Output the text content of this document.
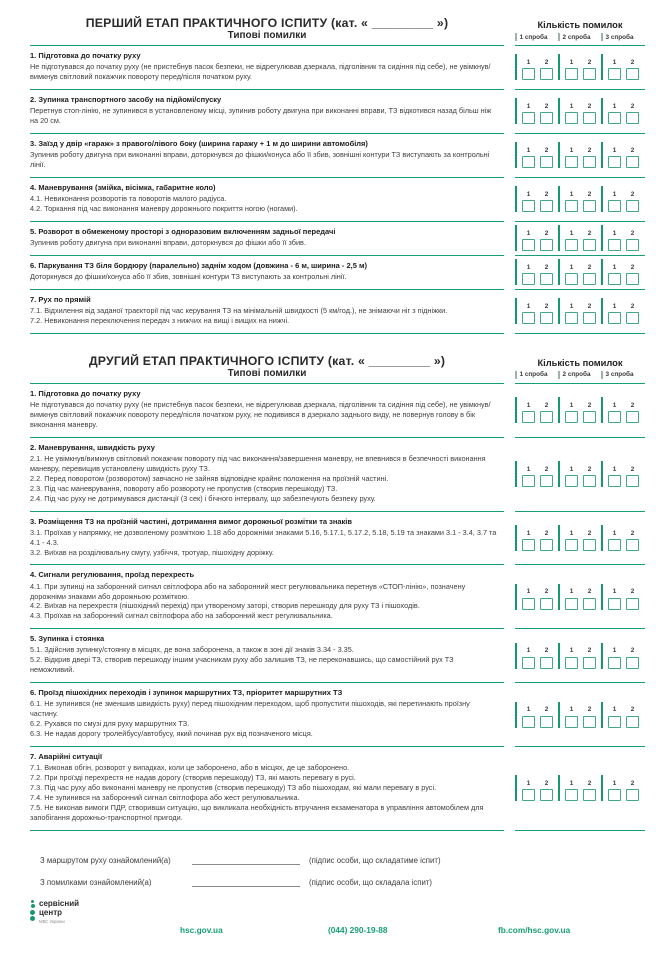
ПЕРШИЙ ЕТАП ПРАКТИЧНОГО ІСПИТУ (кат. « _________ »)
Типові помилки
Кількість помилок
1 спроба 2 спроба 3 спроба
1. Підготовка до початку руху
Не підготувався до початку руху (не пристебнув пасок безпеки, не відрегулював дзеркала, підголівник та сидіння під себе), не увімкнув/вимкнув світловий покажчик повороту перед/після початком руху.
1	2	1	2	1	2
2. Зупинка транспортного засобу на підйомі/спуску
Перетнув стоп-лінію, не зупинився в установленому місці, зупинив роботу двигуна при виконанні вправи, ТЗ відкотився назад більш ніж на 20 см.
1	2	1	2	1	2
3. Заїзд у двір «гараж» з правого/лівого боку (ширина гаражу + 1 м до ширини автомобіля)
Зупинив роботу двигуна при виконанні вправи, доторкнувся до фішки/конуса або її збив, зовнішні контури ТЗ виступають за контрольні лінії.
1	2	1	2	1	2
4. Маневрування (змійка, вісімка, габаритне коло)
4.1. Невиконання розворотів та поворотів малого радіуса.
4.2. Торкання під час виконання маневру дорожнього покриття ногою (ногами).
1	2	1	2	1	2
5. Розворот в обмеженому просторі з одноразовим включенням задньої передачі
Зупинив роботу двигуна при виконанні вправи, доторкнувся до фішки або її збив.
1	2	1	2	1	2
6. Паркування ТЗ біля бордюру (паралельно) заднім ходом (довжина - 6 м, ширина - 2,5 м)
Доторкнувся до фішки/конуса або її збив, зовнішні контури ТЗ виступають за контрольні лінії.
1	2	1	2	1	2
7. Рух по прямій
7.1. Відхилення від заданої траєкторії під час керування ТЗ на мінімальній швидкості (5 км/год.), не знімаючи ніг з підніжки.
7.2. Невиконання переключення передач з нижчих на вищі і вищих на нижчі.
1	2	1	2	1	2
ДРУГИЙ ЕТАП ПРАКТИЧНОГО ІСПИТУ (кат. « _________ »)
Типові помилки
Кількість помилок
1 спроба 2 спроба 3 спроба
1. Підготовка до початку руху
Не підготувався до початку руху (не пристебнув пасок безпеки, не відрегулював дзеркала, підголівник та сидіння під себе), не увімкнув/вимкнув світловий покажчик повороту перед/після початком руху, не подивився в дзеркало заднього виду, не повернув голову в бік виконання маневру.
1	2	1	2	1	2
2. Маневрування, швидкість руху
2.1. Не увімкнув/вимкнув світловий покажчик повороту під час виконання/завершення маневру, не впевнився в безпечності виконання маневру, перевищив установлену швидкість руху ТЗ.
2.2. Перед поворотом (розворотом) завчасно не зайняв відповідне крайнє положення на проїзній частині.
2.3. Під час маневрування, повороту або розвороту не пропустив (створив перешкоду) ТЗ.
2.4. Під час руху не дотримувався дистанції (3 сек) і бічного інтервалу, що забезпечують безпеку руху.
1	2	1	2	1	2
3. Розміщення ТЗ на проїзній частині, дотримання вимог дорожньої розмітки та знаків
3.1. Проїхав у напрямку, не дозволеному розміткою 1.18 або дорожніми знаками 5.16, 5.17.1, 5.17.2, 5.18, 5.19 та знаками 3.1 - 3.4, 3.7 та 4.1 - 4.3.
3.2. Виїхав на розділювальну смугу, узбіччя, тротуар, пішохідну доріжку.
1	2	1	2	1	2
4. Сигнали регулювання, проїзд перехресть
4.1. При зупинці на заборонний сигнал світлофора або на заборонний жест регулювальника перетнув «СТОП-лінію», позначену дорожніми знаками або дорожньою розміткою.
4.2. Виїхав на перехрестя (пішохідний перехід) при утвореному заторі, створив перешкоду для руху ТЗ і пішоходів.
4.3. Проїхав на заборонний сигнал світлофора або на заборонний жест регулювальника.
1	2	1	2	1	2
5. Зупинка і стоянка
5.1. Здійснив зупинку/стоянку в місцях, де вона заборонена, а також в зоні дії знаків 3.34 - 3.35.
5.2. Відкрив двері ТЗ, створив перешкоду іншим учасникам руху або залишив ТЗ, не переконавшись, що самостійний рух ТЗ неможливий.
1	2	1	2	1	2
6. Проїзд пішохідних переходів і зупинок маршрутних ТЗ, пріоритет маршрутних ТЗ
6.1. Не зупинився (не зменшив швидкість руху) перед пішохідним переходом, щоб пропустити пішоходів, які перетинають проїзну частину.
6.2. Рухався по смузі для руху маршрутних ТЗ.
6.3. Не надав дорогу тролейбусу/автобусу, який починав рух від позначеного місця.
1	2	1	2	1	2
7. Аварійні ситуації
7.1. Виконав обгін, розворот у випадках, коли це заборонено, або в місцях, де це заборонено.
7.2. При проїзді перехрестя не надав дорогу (створив перешкоду) ТЗ, які мають перевагу в русі.
7.3. Під час руху або виконанні маневру не пропустив (створив перешкоду) ТЗ або пішоходам, які мали перевагу в русі.
7.4. Не зупинився на заборонний сигнал світлофора або жест регулювальника.
7.5. Не виконав вимоги ПДР, створивши ситуацію, що викликала необхідність втручання екзаменатора в управління автомобілем для запобігання дорожньо-транспортної пригоди.
1	2	1	2	1	2
З маршрутом руху ознайомлений(а)	(підпис особи, що складатиме іспит)
З помилками ознайомлений(а)	(підпис особи, що складала іспит)
сервісний
центр
МВС України
hsc.gov.ua	(044) 290-19-88	fb.com/hsc.gov.ua
